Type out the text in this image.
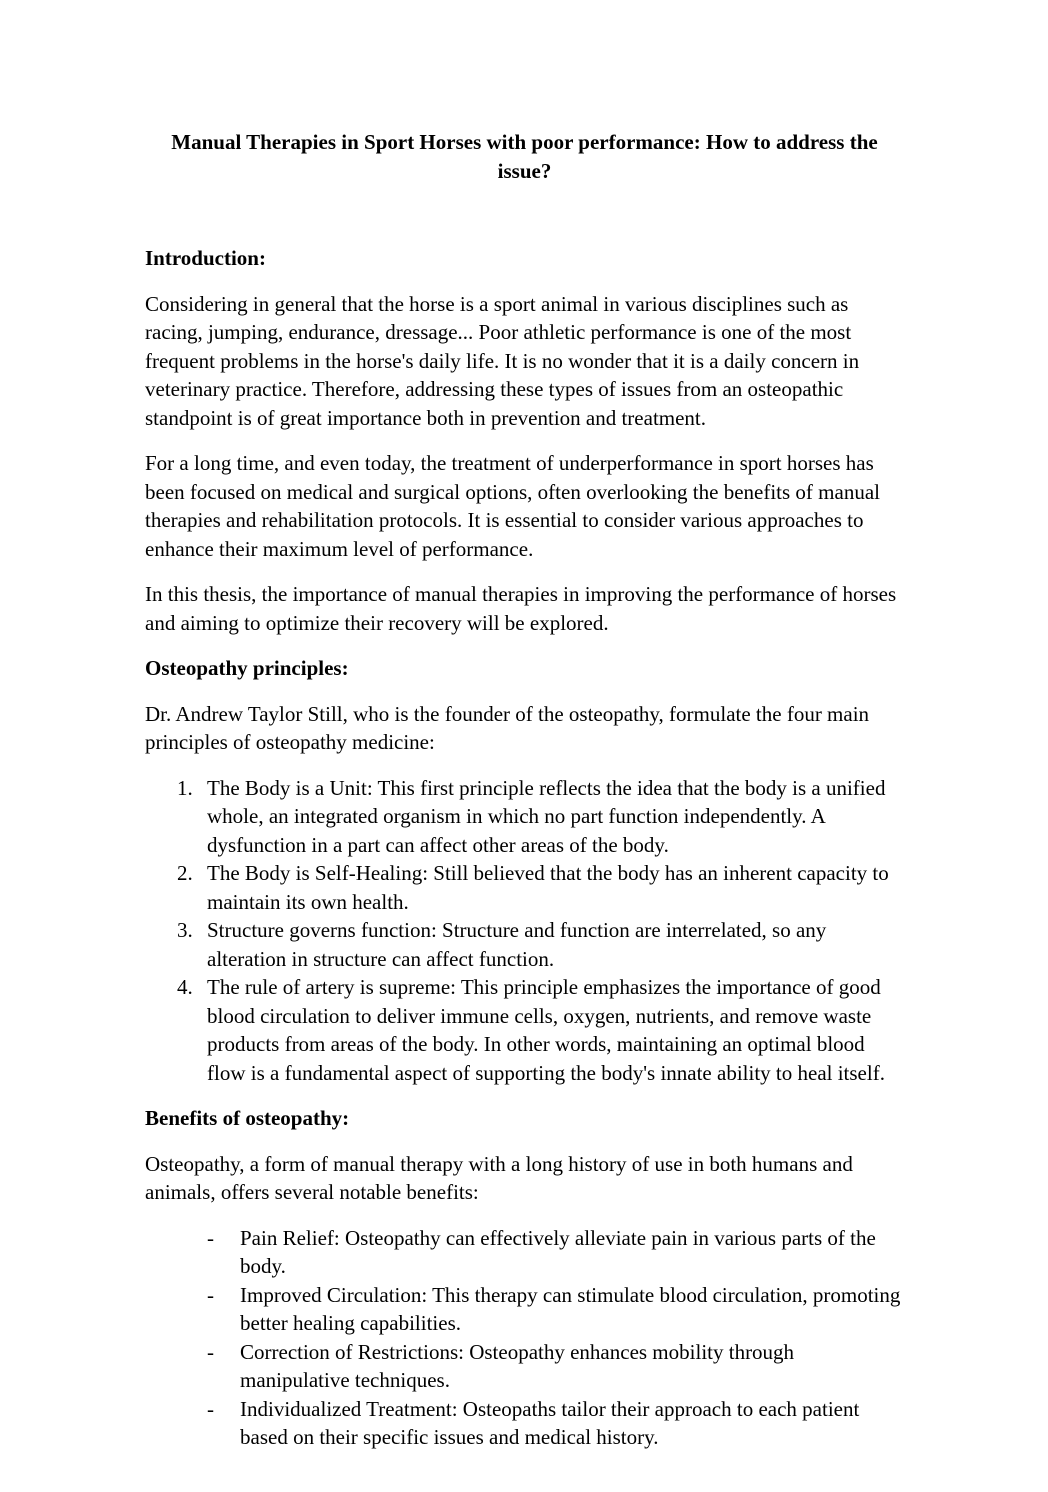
Manual Therapies in Sport Horses with poor performance: How to address the issue?
Introduction:
Considering in general that the horse is a sport animal in various disciplines such as racing, jumping, endurance, dressage... Poor athletic performance is one of the most frequent problems in the horse's daily life. It is no wonder that it is a daily concern in veterinary practice. Therefore, addressing these types of issues from an osteopathic standpoint is of great importance both in prevention and treatment.
For a long time, and even today, the treatment of underperformance in sport horses has been focused on medical and surgical options, often overlooking the benefits of manual therapies and rehabilitation protocols. It is essential to consider various approaches to enhance their maximum level of performance.
In this thesis, the importance of manual therapies in improving the performance of horses and aiming to optimize their recovery will be explored.
Osteopathy principles:
Dr. Andrew Taylor Still, who is the founder of the osteopathy, formulate the four main principles of osteopathy medicine:
1. The Body is a Unit: This first principle reflects the idea that the body is a unified whole, an integrated organism in which no part function independently. A dysfunction in a part can affect other areas of the body.
2. The Body is Self-Healing: Still believed that the body has an inherent capacity to maintain its own health.
3. Structure governs function: Structure and function are interrelated, so any alteration in structure can affect function.
4. The rule of artery is supreme: This principle emphasizes the importance of good blood circulation to deliver immune cells, oxygen, nutrients, and remove waste products from areas of the body. In other words, maintaining an optimal blood flow is a fundamental aspect of supporting the body's innate ability to heal itself.
Benefits of osteopathy:
Osteopathy, a form of manual therapy with a long history of use in both humans and animals, offers several notable benefits:
-	Pain Relief: Osteopathy can effectively alleviate pain in various parts of the body.
-	Improved Circulation: This therapy can stimulate blood circulation, promoting better healing capabilities.
-	Correction of Restrictions: Osteopathy enhances mobility through manipulative techniques.
-	Individualized Treatment: Osteopaths tailor their approach to each patient based on their specific issues and medical history.
